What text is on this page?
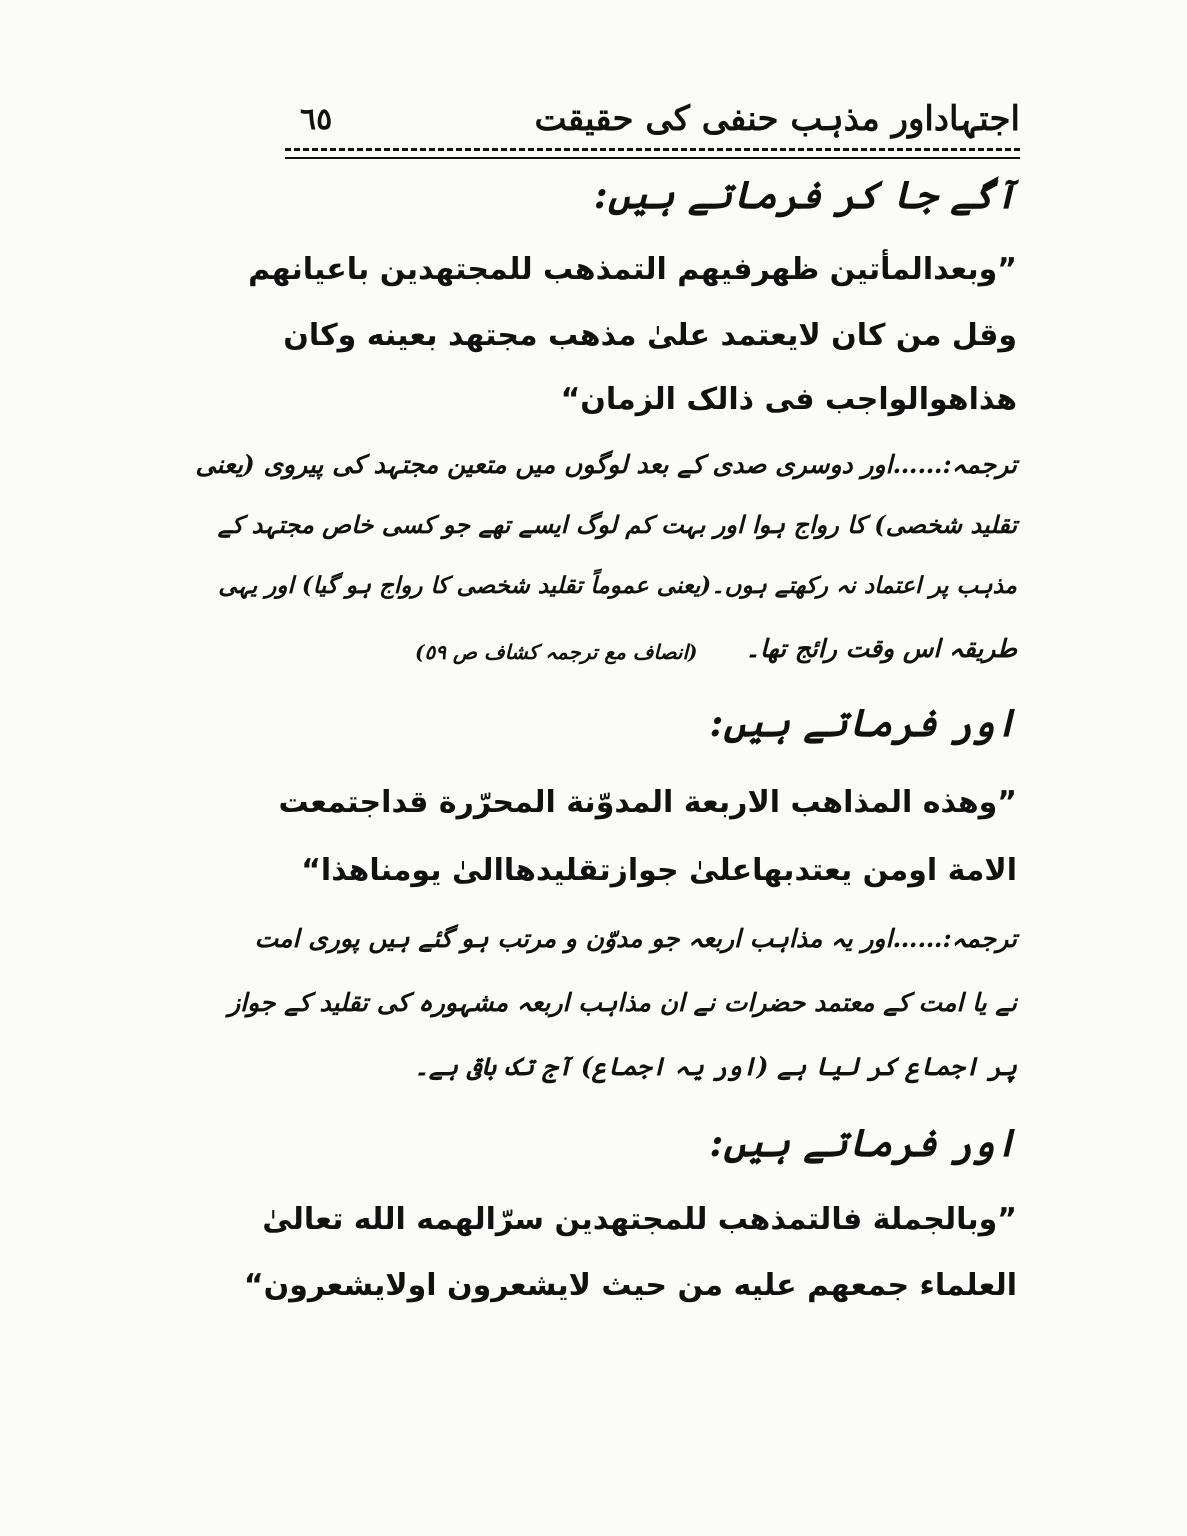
اجتہاداور مذہب حنفی کی حقیقت
٦٥
آگے جا کر فرماتے ہیں:
”وبعدالمأتين ظهرفيهم التمذهب للمجتهدين باعيانهم
وقل من كان لايعتمد علىٰ مذهب مجتهد بعينه وكان
هذاهوالواجب فى ذالک الزمان“
ترجمہ:……اور دوسری صدی کے بعد لوگوں میں متعین مجتہد کی پیروی (یعنی
تقلید شخصی) کا رواج ہوا اور بہت کم لوگ ایسے تھے جو کسی خاص مجتہد کے
مذہب پر اعتماد نہ رکھتے ہوں۔(یعنی عموماً تقلید شخصی کا رواج ہو گیا) اور یہی
طریقہ اس وقت رائج تھا۔
(انصاف مع ترجمہ کشاف ص ٥٩)
اور فرماتے ہیں:
”وهذه المذاهب الاربعة المدوّنة المحرّرة قداجتمعت
الامة اومن يعتدبهاعلىٰ جوازتقليدهاالىٰ يومناهذا“
ترجمہ:……اور یہ مذاہب اربعہ جو مدوّن و مرتب ہو گئے ہیں پوری امت
نے یا امت کے معتمد حضرات نے ان مذاہب اربعہ مشہورہ کی تقلید کے جواز
پر اجماع کر لیا ہے (اور یہ اجماع) آج تک باقی ہے۔
اور فرماتے ہیں:
”وبالجملة فالتمذهب للمجتهدين سرّالهمه الله تعالىٰ
العلماء جمعهم عليه من حيث لايشعرون اولايشعرون“
